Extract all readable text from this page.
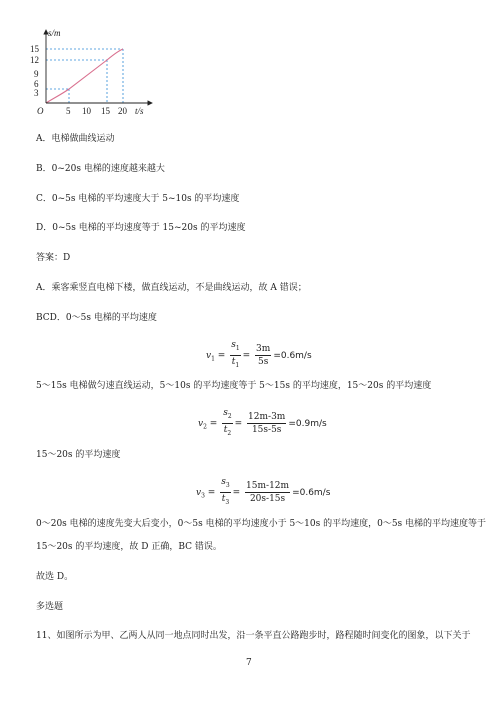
s/m
3
6
9
12
15
O	5 10 15 20 t/s
A．电梯做曲线运动
B．0~20s 电梯的速度越来越大
C．0~5s 电梯的平均速度大于 5~10s 的平均速度
D．0~5s 电梯的平均速度等于 15~20s 的平均速度
答案：D
A．乘客乘竖直电梯下楼，做直线运动，不是曲线运动，故 A 错误；
BCD．0～5s 电梯的平均速度
$v_1 = \frac{s_1}{t_1} = \frac{3m}{5s} =0.6m/s$
5～15s 电梯做匀速直线运动，5～10s 的平均速度等于 5～15s 的平均速度，15～20s 的平均速度
$v_2 = \frac{s_2}{t_2} = \frac{12m-3m}{15s-5s} =0.9m/s$
15～20s 的平均速度
$v_3 = \frac{s_3}{t_3} = \frac{15m-12m}{20s-15s} =0.6m/s$
0～20s 电梯的速度先变大后变小，0～5s 电梯的平均速度小于 5～10s 的平均速度，0～5s 电梯的平均速度等于
15～20s 的平均速度，故 D 正确，BC 错误。
故选 D。
多选题
11、如图所示为甲、乙两人从同一地点同时出发，沿一条平直公路跑步时，路程随时间变化的图象，以下关于
7
